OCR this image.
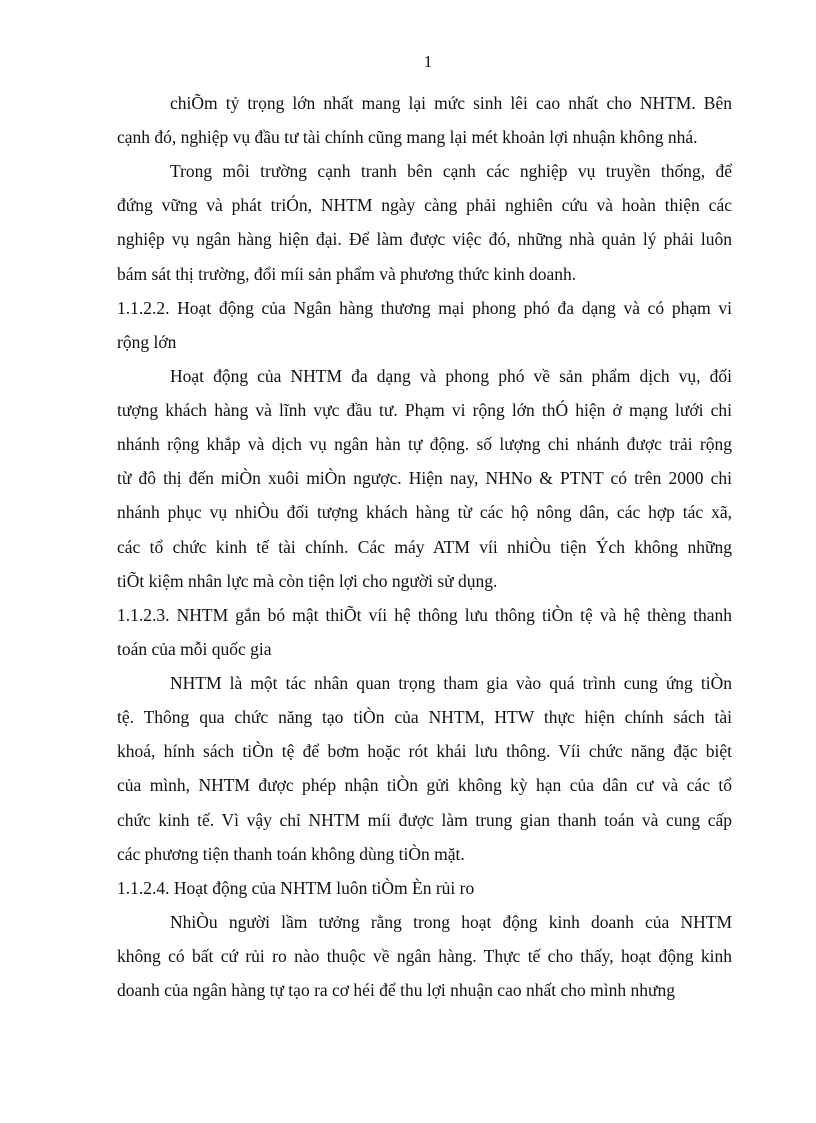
1
chiÕm tỷ trọng lớn nhất mang lại mức sinh lêi cao nhất cho NHTM. Bên
cạnh đó, nghiệp vụ đầu tư tài chính cũng mang lại mét khoản lợi nhuận không nhá.
Trong môi trường cạnh tranh bên cạnh các nghiệp vụ truyền thống, để
đứng vững và phát triÓn, NHTM ngày càng phải nghiên cứu và hoàn thiện các
nghiệp vụ ngân hàng hiện đại. Để làm được việc đó, những nhà quản lý phải luôn
bám sát thị trường, đổi míi sản phẩm và phương thức kinh doanh.
1.1.2.2. Hoạt động của Ngân hàng thương mại phong phó đa dạng và có phạm vi
rộng lớn
Hoạt động của NHTM đa dạng và phong phó về sản phẩm dịch vụ, đối
tượng khách hàng và lĩnh vực đầu tư. Phạm vi rộng lớn thÓ hiện ở mạng lưới chi
nhánh rộng khắp và dịch vụ ngân hàn tự động. số lượng chi nhánh được trải rộng
từ đô thị đến miÒn xuôi miÒn ngược. Hiện nay, NHNo & PTNT có trên 2000 chi
nhánh phục vụ nhiÒu đối tượng khách hàng từ các hộ nông dân, các hợp tác xã,
các tổ chức kinh tế tài chính. Các máy ATM víi nhiÒu tiện Ých không những
tiÕt kiệm nhân lực mà còn tiện lợi cho người sử dụng.
1.1.2.3. NHTM gắn bó mật thiÕt víi hệ thông lưu thông tiÒn tệ và hệ thèng thanh
toán của mỗi quốc gia
NHTM là một tác nhân quan trọng tham gia vào quá trình cung ứng tiÒn
tệ. Thông qua chức năng tạo tiÒn của NHTM, HTW thực hiện chính sách tài
khoá, hính sách tiÒn tệ để bơm hoặc rót khái lưu thông. Víi chức năng đặc biệt
của mình, NHTM được phép nhận tiÒn gửi không kỳ hạn của dân cư và các tổ
chức kinh tế. Vì vậy chỉ NHTM míi được làm trung gian thanh toán và cung cấp
các phương tiện thanh toán không dùng tiÒn mặt.
1.1.2.4. Hoạt động của NHTM luôn tiÒm Èn rủi ro
NhiÒu người lầm tưởng rằng trong hoạt động kinh doanh của NHTM
không có bất cứ rủi ro nào thuộc về ngân hàng. Thực tế cho thấy, hoạt động kinh
doanh của ngân hàng tự tạo ra cơ héi để thu lợi nhuận cao nhất cho mình nhưng
